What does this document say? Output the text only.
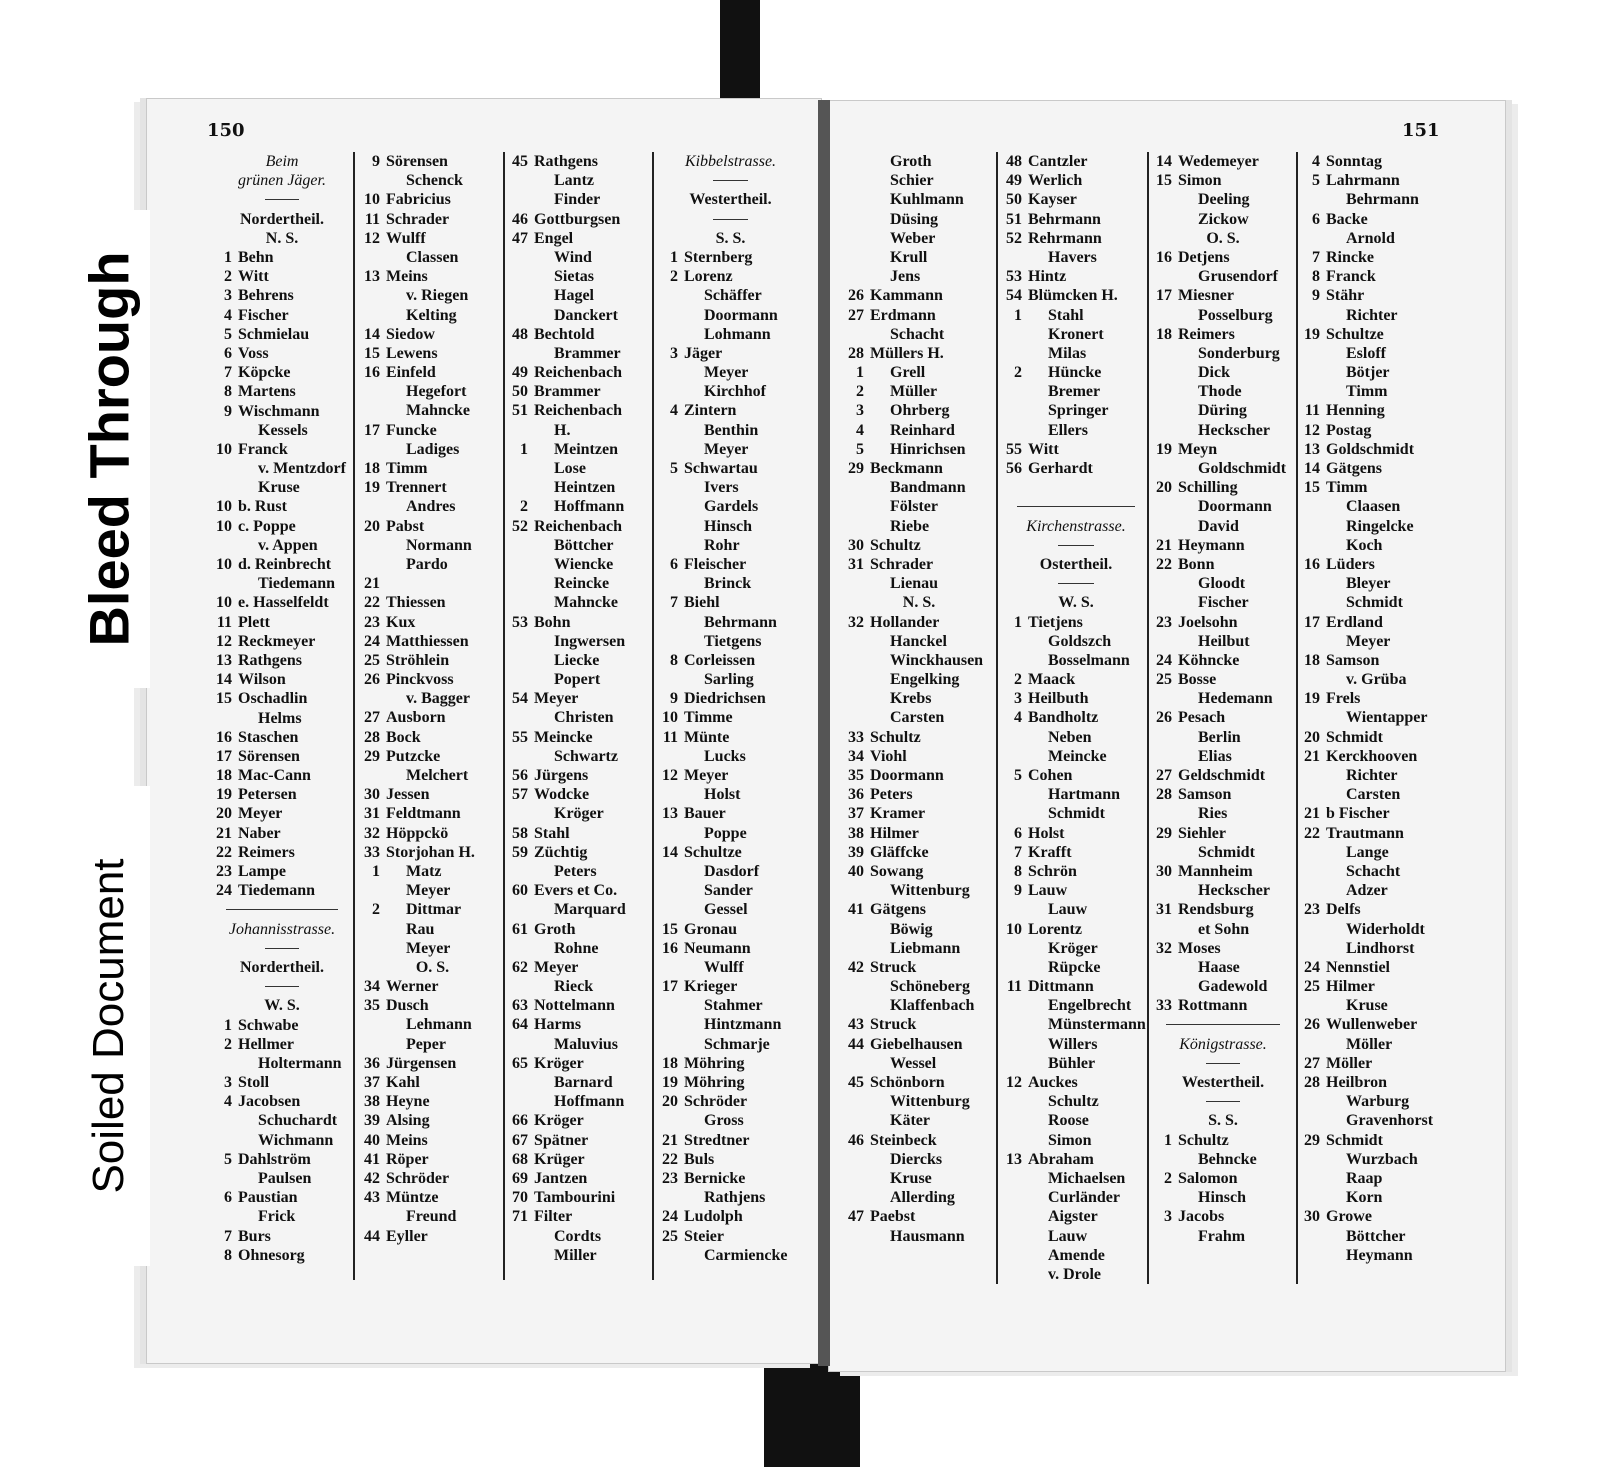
150	151
Beim
grünen Jäger.
Nordertheil.
N. S.
1 Behn
2 Witt
3 Behrens
4 Fischer
5 Schmielau
6 Voss
7 Köpcke
8 Martens
9 Wischmann
Kessels
10 Franck
v. Mentzdorf
Kruse
10 b. Rust
10 c. Poppe
v. Appen
10 d. Reinbrecht
Tiedemann
10 e. Hasselfeldt
11 Plett
12 Reckmeyer
13 Rathgens
14 Wilson
15 Oschadlin
Helms
16 Staschen
17 Sörensen
18 Mac-Cann
19 Petersen
20 Meyer
21 Naber
22 Reimers
23 Lampe
24 Tiedemann
Johannisstrasse.
Nordertheil.
W. S.
1 Schwabe
2 Hellmer
Holtermann
3 Stoll
4 Jacobsen
Schuchardt
Wichmann
5 Dahlström
Paulsen
6 Paustian
Frick
7 Burs
8 Ohnesorg
9 Sörensen
Schenck
10 Fabricius
11 Schrader
12 Wulff
Classen
13 Meins
v. Riegen
Kelting
14 Siedow
15 Lewens
16 Einfeld
Hegefort
Mahncke
17 Funcke
Ladiges
18 Timm
19 Trennert
Andres
20 Pabst
Normann
Pardo
21
22 Thiessen
23 Kux
24 Matthiessen
25 Ströhlein
26 Pinckvoss
v. Bagger
27 Ausborn
28 Bock
29 Putzcke
Melchert
30 Jessen
31 Feldtmann
32 Höppckö
33 Storjohan H.
1	Matz
Meyer
2	Dittmar
Rau
Meyer
O. S.
34 Werner
35 Dusch
Lehmann
Peper
36 Jürgensen
37 Kahl
38 Heyne
39 Alsing
40 Meins
41 Röper
42 Schröder
43 Müntze
Freund
44 Eyller
45 Rathgens
Lantz
Finder
46 Gottburgsen
47 Engel
Wind
Sietas
Hagel
Danckert
48 Bechtold
Brammer
49 Reichenbach
50 Brammer
51 Reichenbach
H.
1	Meintzen
Lose
Heintzen
2	Hoffmann
52 Reichenbach
Böttcher
Wiencke
Reincke
Mahncke
53 Bohn
Ingwersen
Liecke
Popert
54 Meyer
Christen
55 Meincke
Schwartz
56 Jürgens
57 Wodcke
Kröger
58 Stahl
59 Züchtig
Peters
60 Evers et Co.
Marquard
61 Groth
Rohne
62 Meyer
Rieck
63 Nottelmann
64 Harms
Maluvius
65 Kröger
Barnard
Hoffmann
66 Kröger
67 Spätner
68 Krüger
69 Jantzen
70 Tambourini
71 Filter
Cordts
Miller
Kibbelstrasse.
Westertheil.
S. S.
1 Sternberg
2 Lorenz
Schäffer
Doormann
Lohmann
3 Jäger
Meyer
Kirchhof
4 Zintern
Benthin
Meyer
5 Schwartau
Ivers
Gardels
Hinsch
Rohr
6 Fleischer
Brinck
7 Biehl
Behrmann
Tietgens
8 Corleissen
Sarling
9 Diedrichsen
10 Timme
11 Münte
Lucks
12 Meyer
Holst
13 Bauer
Poppe
14 Schultze
Dasdorf
Sander
Gessel
15 Gronau
16 Neumann
Wulff
17 Krieger
Stahmer
Hintzmann
Schmarje
18 Möhring
19 Möhring
20 Schröder
Gross
21 Stredtner
22 Buls
23 Bernicke
Rathjens
24 Ludolph
25 Steier
Carmiencke
Groth
Schier
Kuhlmann
Düsing
Weber
Krull
Jens
26 Kammann
27 Erdmann
Schacht
28 Müllers H.
1	Grell
2	Müller
3	Ohrberg
4	Reinhard
5	Hinrichsen
29 Beckmann
Bandmann
Fölster
Riebe
30 Schultz
31 Schrader
Lienau
N. S.
32 Hollander
Hanckel
Winckhausen
Engelking
Krebs
Carsten
33 Schultz
34 Viohl
35 Doormann
36 Peters
37 Kramer
38 Hilmer
39 Gläffcke
40 Sowang
Wittenburg
41 Gätgens
Böwig
Liebmann
42 Struck
Schöneberg
Klaffenbach
43 Struck
44 Giebelhausen
Wessel
45 Schönborn
Wittenburg
Käter
46 Steinbeck
Diercks
Kruse
Allerding
47 Paebst
Hausmann
48 Cantzler
49 Werlich
50 Kayser
51 Behrmann
52 Rehrmann
Havers
53 Hintz
54 Blümcken H.
1	Stahl
Kronert
Milas
2	Hüncke
Bremer
Springer
Ellers
55 Witt
56 Gerhardt
Kirchenstrasse.
Ostertheil.
W. S.
1 Tietjens
Goldszch
Bosselmann
2 Maack
3 Heilbuth
4 Bandholtz
Neben
Meincke
5 Cohen
Hartmann
Schmidt
6 Holst
7 Krafft
8 Schrön
9 Lauw
Lauw
10 Lorentz
Kröger
Rüpcke
11 Dittmann
Engelbrecht
Münstermann
Willers
Bühler
12 Auckes
Schultz
Roose
Simon
13 Abraham
Michaelsen
Curländer
Aigster
Lauw
Amende
v. Drole
14 Wedemeyer
15 Simon
Deeling
Zickow
O. S.
16 Detjens
Grusendorf
17 Miesner
Posselburg
18 Reimers
Sonderburg
Dick
Thode
Düring
Heckscher
19 Meyn
Goldschmidt
20 Schilling
Doormann
David
21 Heymann
22 Bonn
Gloodt
Fischer
23 Joelsohn
Heilbut
24 Köhncke
25 Bosse
Hedemann
26 Pesach
Berlin
Elias
27 Geldschmidt
28 Samson
Ries
29 Siehler
Schmidt
30 Mannheim
Heckscher
31 Rendsburg
et Sohn
32 Moses
Haase
Gadewold
33 Rottmann
Königstrasse.
Westertheil.
S. S.
1 Schultz
Behncke
2 Salomon
Hinsch
3 Jacobs
Frahm
4 Sonntag
5 Lahrmann
Behrmann
6 Backe
Arnold
7 Rincke
8 Franck
9 Stähr
Richter
19 Schultze
Esloff
Bötjer
Timm
11 Henning
12 Postag
13 Goldschmidt
14 Gätgens
15 Timm
Claasen
Ringelcke
Koch
16 Lüders
Bleyer
Schmidt
17 Erdland
Meyer
18 Samson
v. Grüba
19 Frels
Wientapper
20 Schmidt
21 Kerckhooven
Richter
Carsten
21 b Fischer
22 Trautmann
Lange
Schacht
Adzer
23 Delfs
Widerholdt
Lindhorst
24 Nennstiel
25 Hilmer
Kruse
26 Wullenweber
Möller
27 Möller
28 Heilbron
Warburg
Gravenhorst
29 Schmidt
Wurzbach
Raap
Korn
30 Growe
Böttcher
Heymann
Bleed Through
Soiled Document
